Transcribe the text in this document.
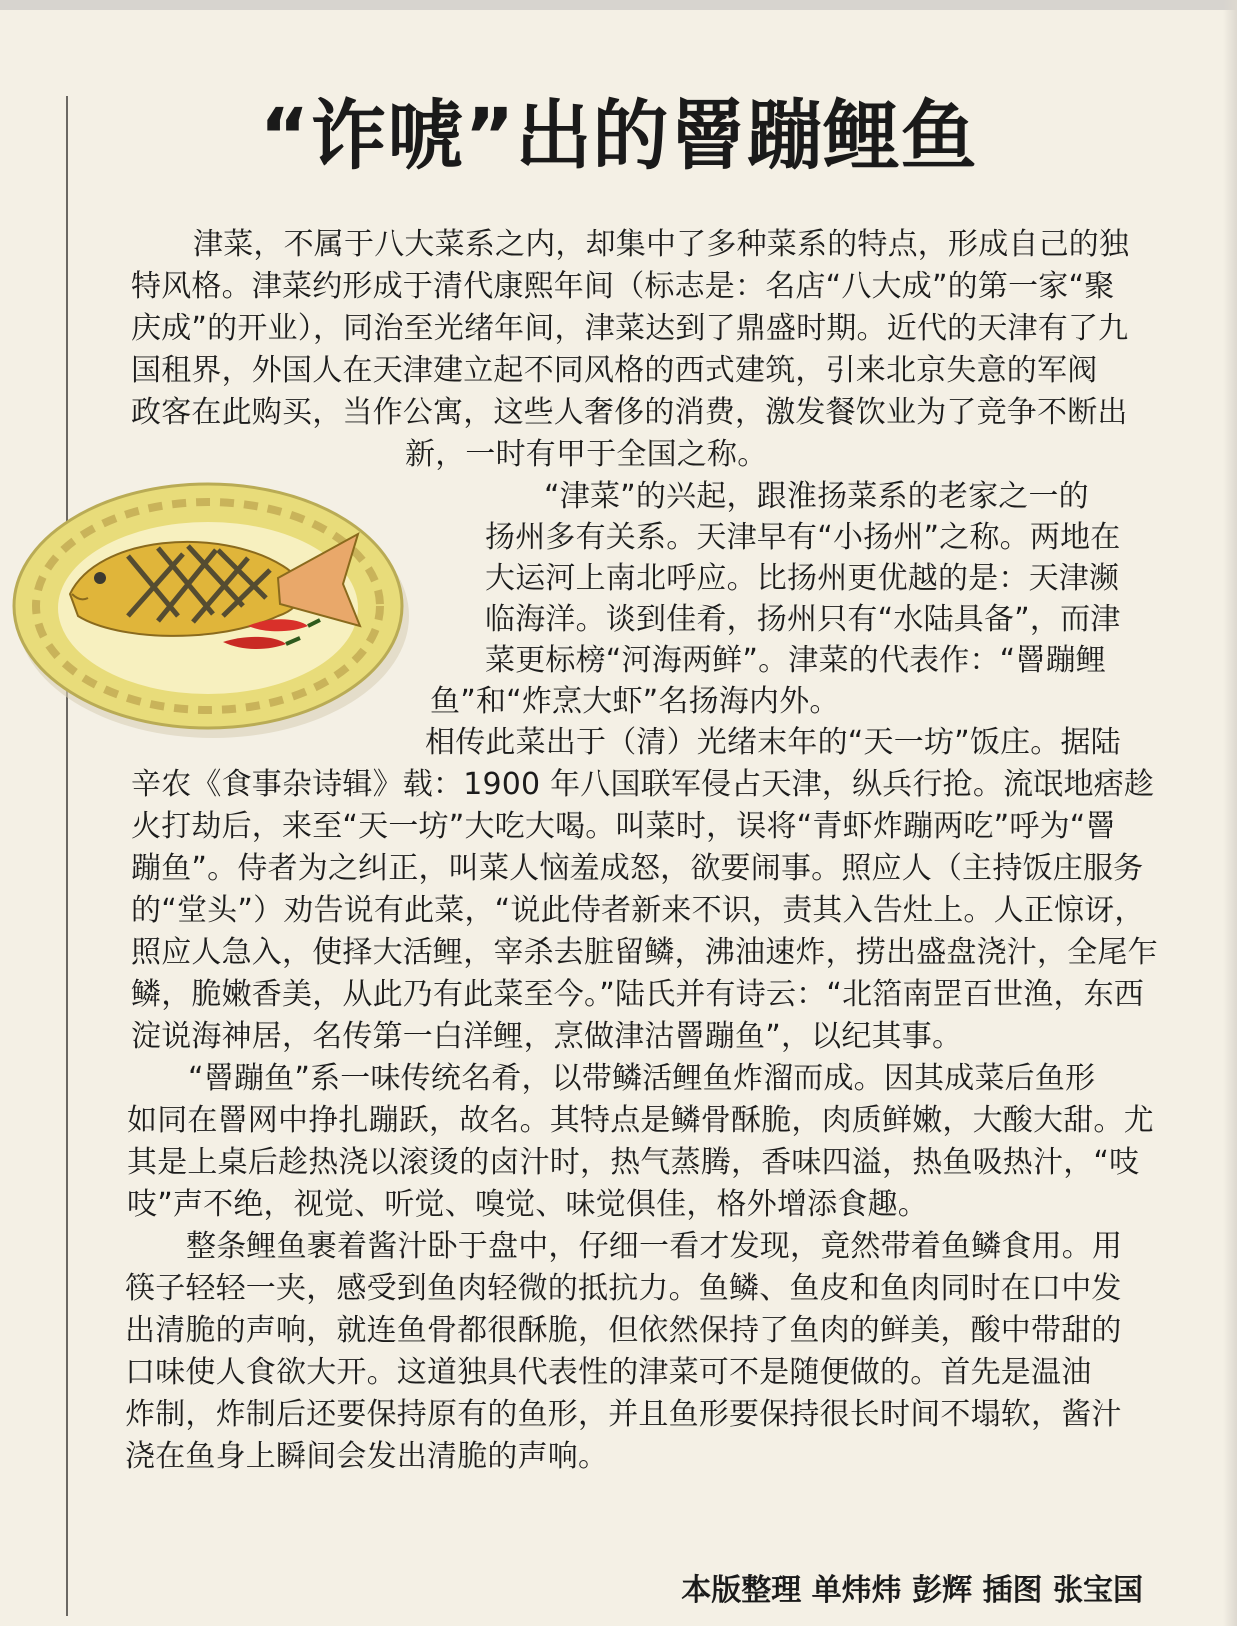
“诈唬”出的罾蹦鲤鱼
津菜，不属于八大菜系之内，却集中了多种菜系的特点，形成自己的独
特风格。津菜约形成于清代康熙年间（标志是：名店“八大成”的第一家“聚
庆成”的开业），同治至光绪年间，津菜达到了鼎盛时期。近代的天津有了九
国租界，外国人在天津建立起不同风格的西式建筑，引来北京失意的军阀
政客在此购买，当作公寓，这些人奢侈的消费，激发餐饮业为了竞争不断出
新，一时有甲于全国之称。
“津菜”的兴起，跟淮扬菜系的老家之一的
扬州多有关系。天津早有“小扬州”之称。两地在
大运河上南北呼应。比扬州更优越的是：天津濒
临海洋。谈到佳肴，扬州只有“水陆具备”，而津
菜更标榜“河海两鲜”。津菜的代表作：“罾蹦鲤
鱼”和“炸烹大虾”名扬海内外。
相传此菜出于（清）光绪末年的“天一坊”饭庄。据陆
辛农《食事杂诗辑》载：1900 年八国联军侵占天津，纵兵行抢。流氓地痞趁
火打劫后，来至“天一坊”大吃大喝。叫菜时，误将“青虾炸蹦两吃”呼为“罾
蹦鱼”。侍者为之纠正，叫菜人恼羞成怒，欲要闹事。照应人（主持饭庄服务
的“堂头”）劝告说有此菜，“说此侍者新来不识，责其入告灶上。人正惊讶，
照应人急入，使择大活鲤，宰杀去脏留鳞，沸油速炸，捞出盛盘浇汁，全尾乍
鳞，脆嫩香美，从此乃有此菜至今。”陆氏并有诗云：“北箔南罡百世渔，东西
淀说海神居，名传第一白洋鲤，烹做津沽罾蹦鱼”，以纪其事。
“罾蹦鱼”系一味传统名肴，以带鳞活鲤鱼炸溜而成。因其成菜后鱼形
如同在罾网中挣扎蹦跃，故名。其特点是鳞骨酥脆，肉质鲜嫩，大酸大甜。尤
其是上桌后趁热浇以滚烫的卤汁时，热气蒸腾，香味四溢，热鱼吸热汁，“吱
吱”声不绝，视觉、听觉、嗅觉、味觉俱佳，格外增添食趣。
整条鲤鱼裹着酱汁卧于盘中，仔细一看才发现，竟然带着鱼鳞食用。用
筷子轻轻一夹，感受到鱼肉轻微的抵抗力。鱼鳞、鱼皮和鱼肉同时在口中发
出清脆的声响，就连鱼骨都很酥脆，但依然保持了鱼肉的鲜美，酸中带甜的
口味使人食欲大开。这道独具代表性的津菜可不是随便做的。首先是温油
炸制，炸制后还要保持原有的鱼形，并且鱼形要保持很长时间不塌软，酱汁
浇在鱼身上瞬间会发出清脆的声响。
本版整理 单炜炜 彭辉 插图 张宝国
